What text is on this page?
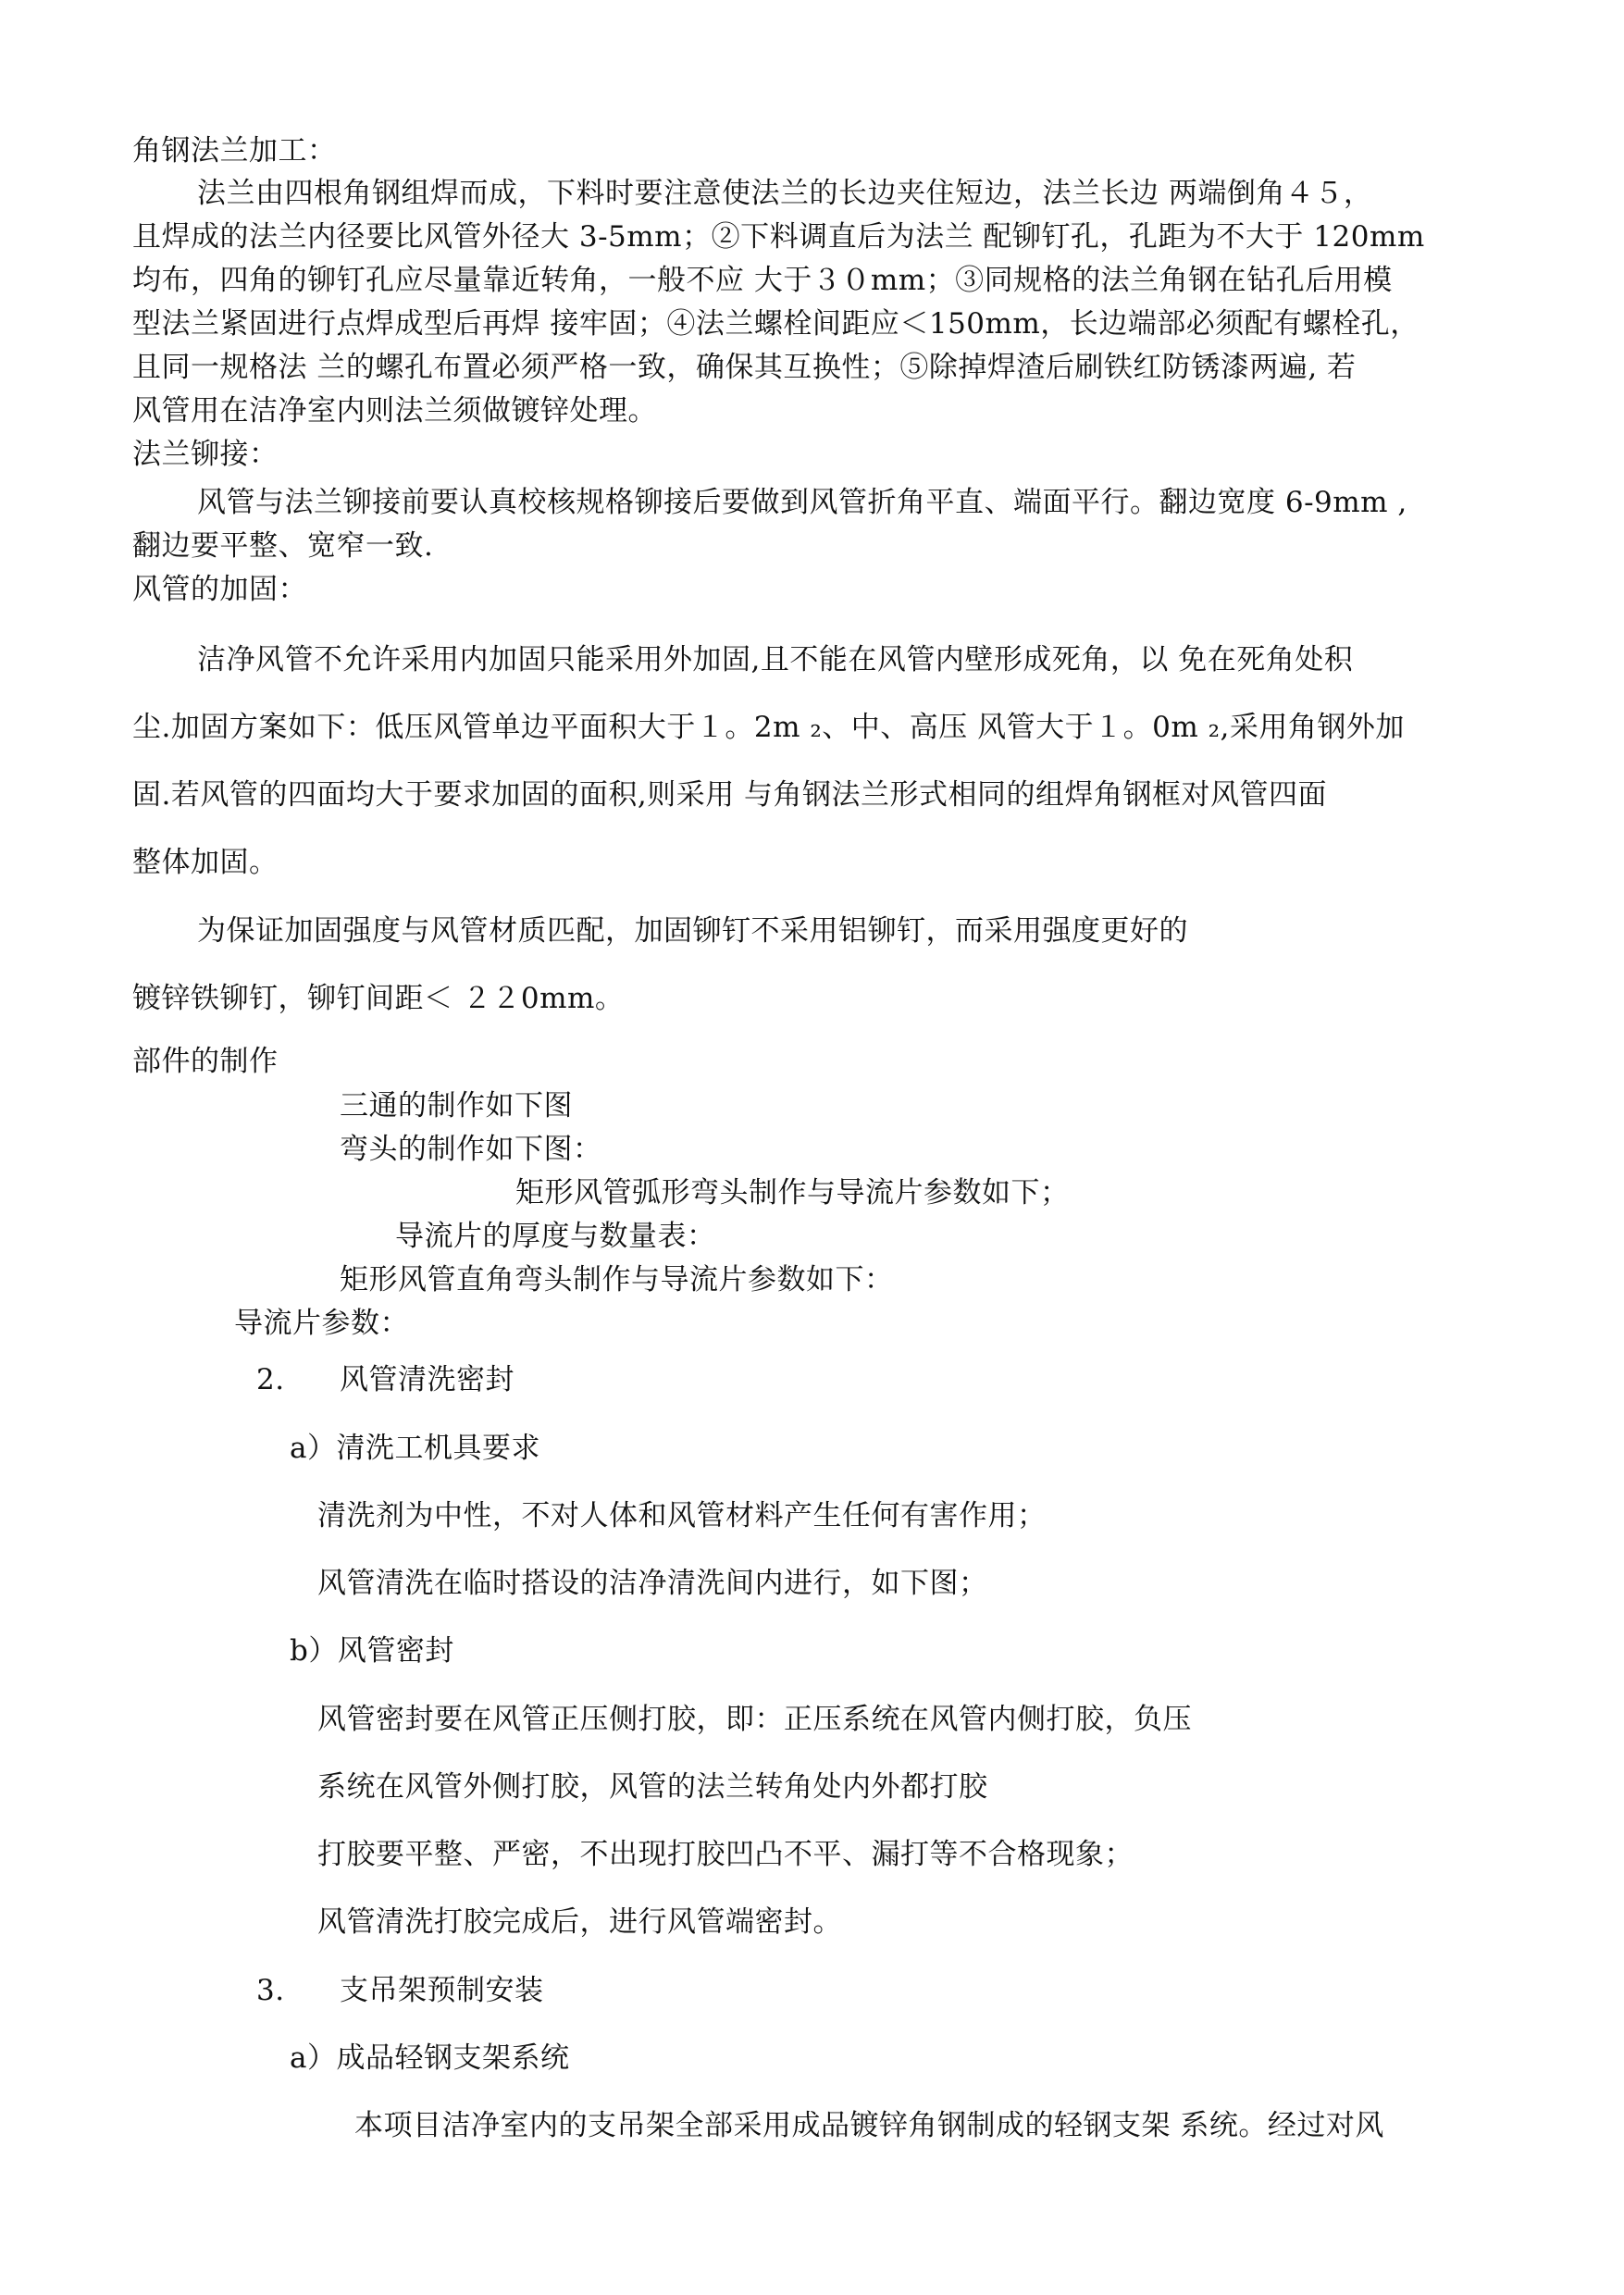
角钢法兰加工：
法兰由四根角钢组焊而成，下料时要注意使法兰的长边夹住短边，法兰长边 两端倒角４５，
且焊成的法兰内径要比风管外径大 3-5mm；②下料调直后为法兰 配铆钉孔，孔距为不大于 120mm
均布，四角的铆钉孔应尽量靠近转角，一般不应 大于３０mm；③同规格的法兰角钢在钻孔后用模
型法兰紧固进行点焊成型后再焊 接牢固；④法兰螺栓间距应＜150mm，长边端部必须配有螺栓孔，
且同一规格法 兰的螺孔布置必须严格一致，确保其互换性；⑤除掉焊渣后刷铁红防锈漆两遍, 若
风管用在洁净室内则法兰须做镀锌处理。
法兰铆接：
风管与法兰铆接前要认真校核规格铆接后要做到风管折角平直、端面平行。翻边宽度 6-9mm ,
翻边要平整、宽窄一致.
风管的加固：
洁净风管不允许采用内加固只能采用外加固,且不能在风管内壁形成死角，以 免在死角处积
尘.加固方案如下：低压风管单边平面积大于１。2m ₂、中、高压 风管大于１。0m ₂,采用角钢外加
固.若风管的四面均大于要求加固的面积,则采用 与角钢法兰形式相同的组焊角钢框对风管四面
整体加固。
为保证加固强度与风管材质匹配，加固铆钉不采用铝铆钉，而采用强度更好的
镀锌铁铆钉，铆钉间距＜ ２２0mm。
部件的制作
三通的制作如下图
弯头的制作如下图：
矩形风管弧形弯头制作与导流片参数如下；
导流片的厚度与数量表：
矩形风管直角弯头制作与导流片参数如下：
导流片参数：
2. 风管清洗密封
a）清洗工机具要求
清洗剂为中性，不对人体和风管材料产生任何有害作用；
风管清洗在临时搭设的洁净清洗间内进行，如下图；
b）风管密封
风管密封要在风管正压侧打胶，即：正压系统在风管内侧打胶，负压
系统在风管外侧打胶，风管的法兰转角处内外都打胶
打胶要平整、严密，不出现打胶凹凸不平、漏打等不合格现象；
风管清洗打胶完成后，进行风管端密封。
3. 支吊架预制安装
a）成品轻钢支架系统
本项目洁净室内的支吊架全部采用成品镀锌角钢制成的轻钢支架 系统。经过对风
